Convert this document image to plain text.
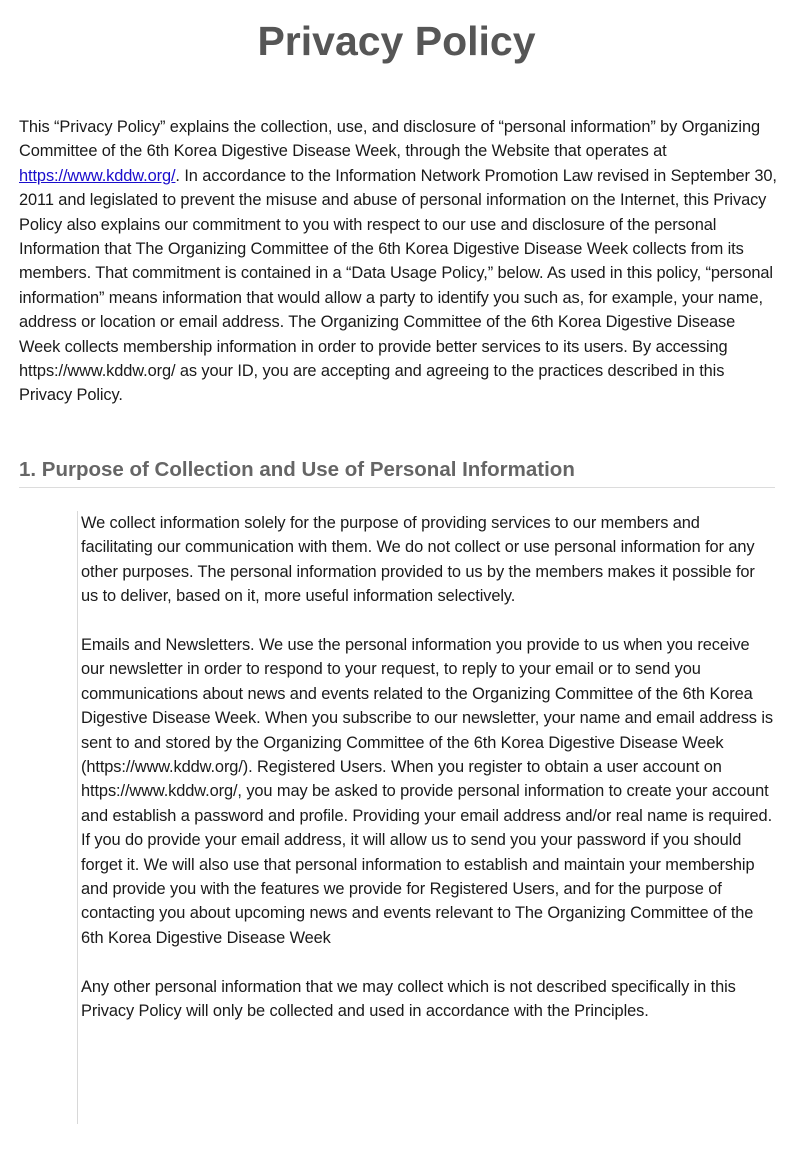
Privacy Policy

This “Privacy Policy” explains the collection, use, and disclosure of “personal information” by Organizing Committee of the 6th Korea Digestive Disease Week, through the Website that operates at https://www.kddw.org/. In accordance to the Information Network Promotion Law revised in September 30, 2011 and legislated to prevent the misuse and abuse of personal information on the Internet, this Privacy Policy also explains our commitment to you with respect to our use and disclosure of the personal Information that The Organizing Committee of the 6th Korea Digestive Disease Week collects from its members. That commitment is contained in a “Data Usage Policy,” below. As used in this policy, “personal information” means information that would allow a party to identify you such as, for example, your name, address or location or email address. The Organizing Committee of the 6th Korea Digestive Disease Week collects membership information in order to provide better services to its users. By accessing https://www.kddw.org/ as your ID, you are accepting and agreeing to the practices described in this Privacy Policy.

1. Purpose of Collection and Use of Personal Information

We collect information solely for the purpose of providing services to our members and facilitating our communication with them. We do not collect or use personal information for any other purposes. The personal information provided to us by the members makes it possible for us to deliver, based on it, more useful information selectively.

Emails and Newsletters. We use the personal information you provide to us when you receive our newsletter in order to respond to your request, to reply to your email or to send you communications about news and events related to the Organizing Committee of the 6th Korea Digestive Disease Week. When you subscribe to our newsletter, your name and email address is sent to and stored by the Organizing Committee of the 6th Korea Digestive Disease Week (https://www.kddw.org/). Registered Users. When you register to obtain a user account on https://www.kddw.org/, you may be asked to provide personal information to create your account and establish a password and profile. Providing your email address and/or real name is required. If you do provide your email address, it will allow us to send you your password if you should forget it. We will also use that personal information to establish and maintain your membership and provide you with the features we provide for Registered Users, and for the purpose of contacting you about upcoming news and events relevant to The Organizing Committee of the 6th Korea Digestive Disease Week

Any other personal information that we may collect which is not described specifically in this Privacy Policy will only be collected and used in accordance with the Principles.
